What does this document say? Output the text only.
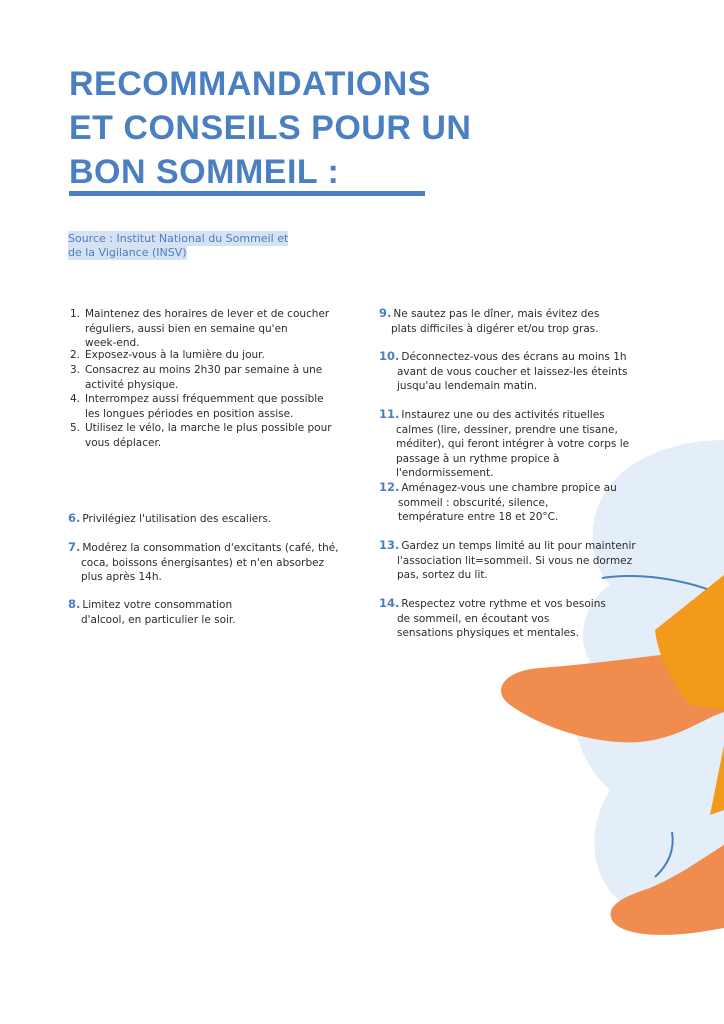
RECOMMANDATIONS
ET CONSEILS POUR UN
BON SOMMEIL :
Source : Institut National du Sommeil et
de la Vigilance (INSV)
1. Maintenez des horaires de lever et de coucher
réguliers, aussi bien en semaine qu'en
week-end.
2. Exposez-vous à la lumière du jour.
3. Consacrez au moins 2h30 par semaine à une
activité physique.
4. Interrompez aussi fréquemment que possible
les longues périodes en position assise.
5. Utilisez le vélo, la marche le plus possible pour
vous déplacer.
6. Privilégiez l'utilisation des escaliers.
7. Modérez la consommation d'excitants (café, thé,
coca, boissons énergisantes) et n'en absorbez
plus après 14h.
8. Limitez votre consommation
d'alcool, en particulier le soir.
9. Ne sautez pas le dîner, mais évitez des
plats difficiles à digérer et/ou trop gras.
10. Déconnectez-vous des écrans au moins 1h
avant de vous coucher et laissez-les éteints
jusqu'au lendemain matin.
11. Instaurez une ou des activités rituelles
calmes (lire, dessiner, prendre une tisane,
méditer), qui feront intégrer à votre corps le
passage à un rythme propice à
l'endormissement.
12. Aménagez-vous une chambre propice au
sommeil : obscurité, silence,
température entre 18 et 20°C.
13. Gardez un temps limité au lit pour maintenir
l'association lit=sommeil. Si vous ne dormez
pas, sortez du lit.
14. Respectez votre rythme et vos besoins
de sommeil, en écoutant vos
sensations physiques et mentales.
